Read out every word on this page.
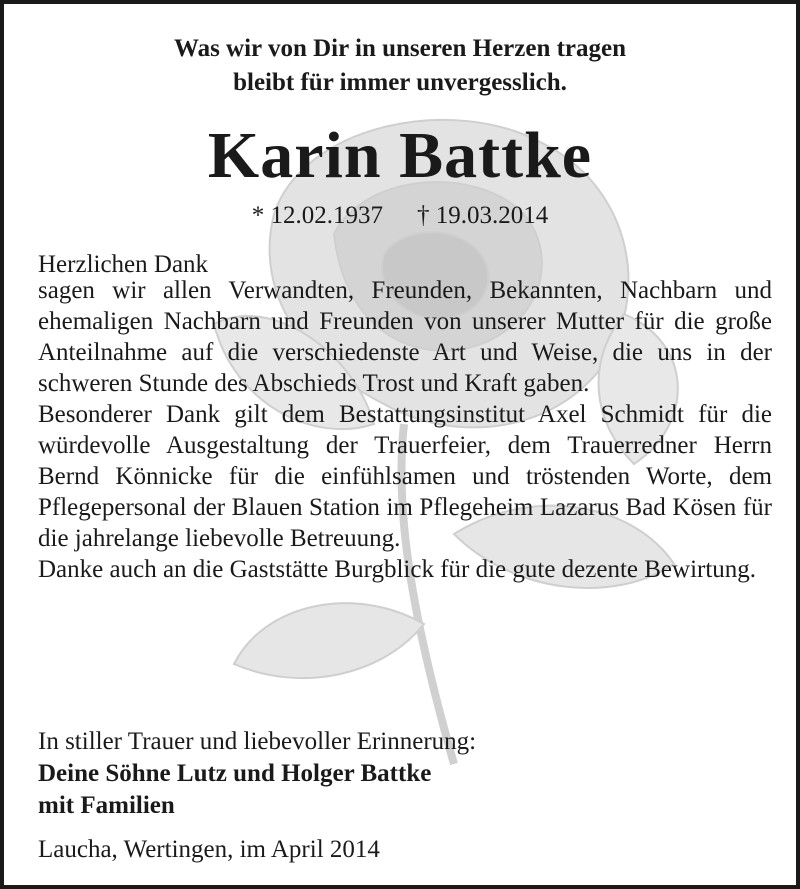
Was wir von Dir in unseren Herzen tragen
bleibt für immer unvergesslich.
Karin Battke
* 12.02.1937 † 19.03.2014
Herzlichen Dank

sagen wir allen Verwandten, Freunden, Bekannten, Nachbarn und ehemaligen Nachbarn und Freunden von unserer Mutter für die große Anteilnahme auf die verschiedenste Art und Weise, die uns in der schweren Stunde des Abschieds Trost und Kraft gaben.

Besonderer Dank gilt dem Bestattungsinstitut Axel Schmidt für die würdevolle Ausgestaltung der Trauerfeier, dem Trauerredner Herrn Bernd Könnicke für die einfühlsamen und tröstenden Worte, dem Pflegepersonal der Blauen Station im Pflegeheim Lazarus Bad Kösen für die jahrelange liebevolle Betreuung.

Danke auch an die Gaststätte Burgblick für die gute dezente Bewirtung.

In stiller Trauer und liebevoller Erinnerung:
Deine Söhne Lutz und Holger Battke
mit Familien
Laucha, Wertingen, im April 2014
